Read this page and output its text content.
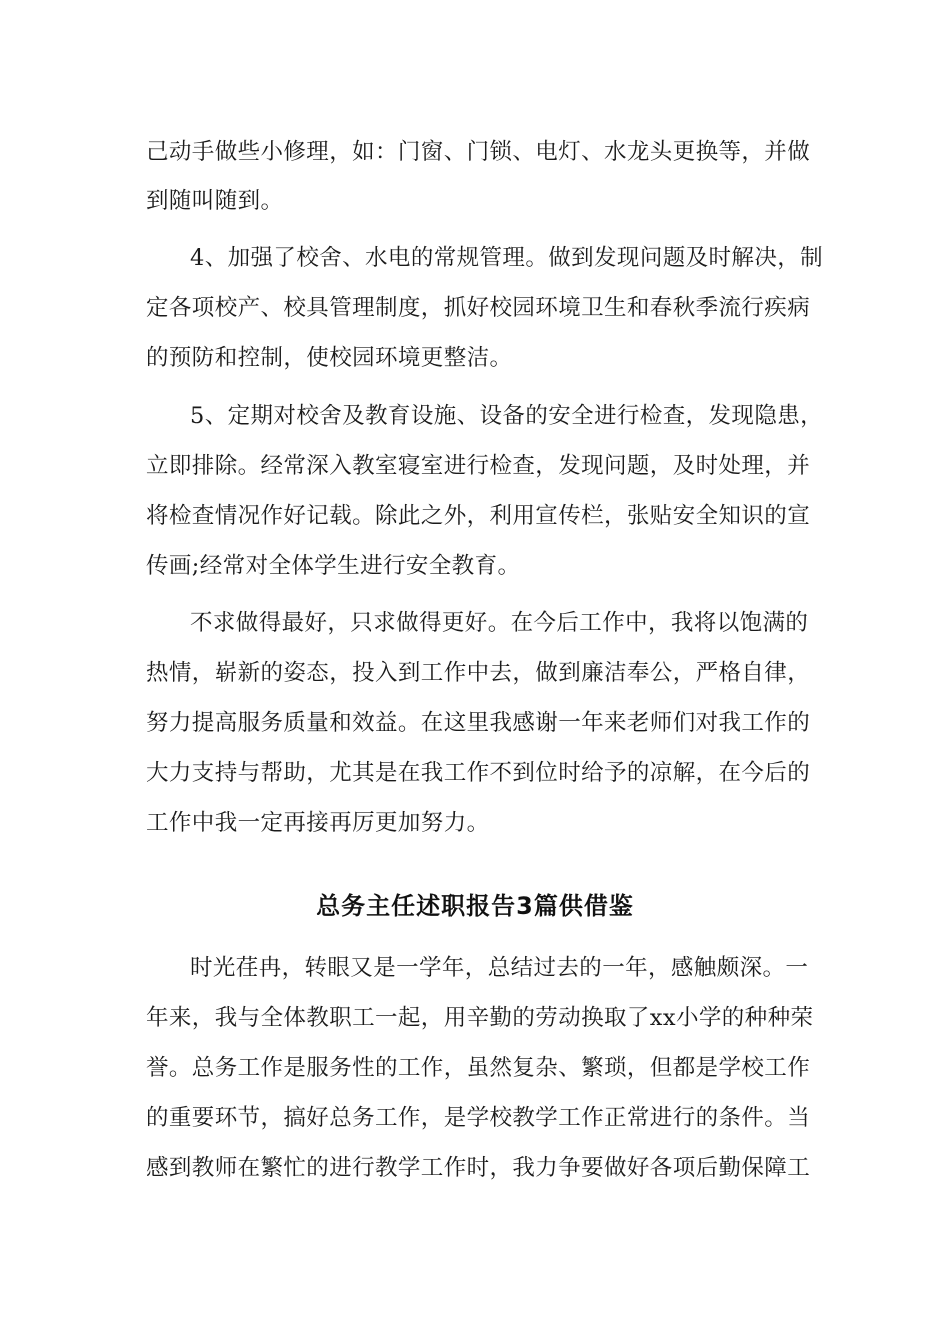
己动手做些小修理，如：门窗、门锁、电灯、水龙头更换等，并做
到随叫随到。
4、加强了校舍、水电的常规管理。做到发现问题及时解决，制
定各项校产、校具管理制度，抓好校园环境卫生和春秋季流行疾病
的预防和控制，使校园环境更整洁。
5、定期对校舍及教育设施、设备的安全进行检查，发现隐患，
立即排除。经常深入教室寝室进行检查，发现问题，及时处理，并
将检查情况作好记载。除此之外，利用宣传栏，张贴安全知识的宣
传画;经常对全体学生进行安全教育。
不求做得最好，只求做得更好。在今后工作中，我将以饱满的
热情，崭新的姿态，投入到工作中去，做到廉洁奉公，严格自律，
努力提高服务质量和效益。在这里我感谢一年来老师们对我工作的
大力支持与帮助，尤其是在我工作不到位时给予的凉解，在今后的
工作中我一定再接再厉更加努力。
总务主任述职报告3篇供借鉴
时光荏冉，转眼又是一学年，总结过去的一年，感触颇深。一
年来，我与全体教职工一起，用辛勤的劳动换取了xx小学的种种荣
誉。总务工作是服务性的工作，虽然复杂、繁琐，但都是学校工作
的重要环节，搞好总务工作，是学校教学工作正常进行的条件。当
感到教师在繁忙的进行教学工作时，我力争要做好各项后勤保障工
